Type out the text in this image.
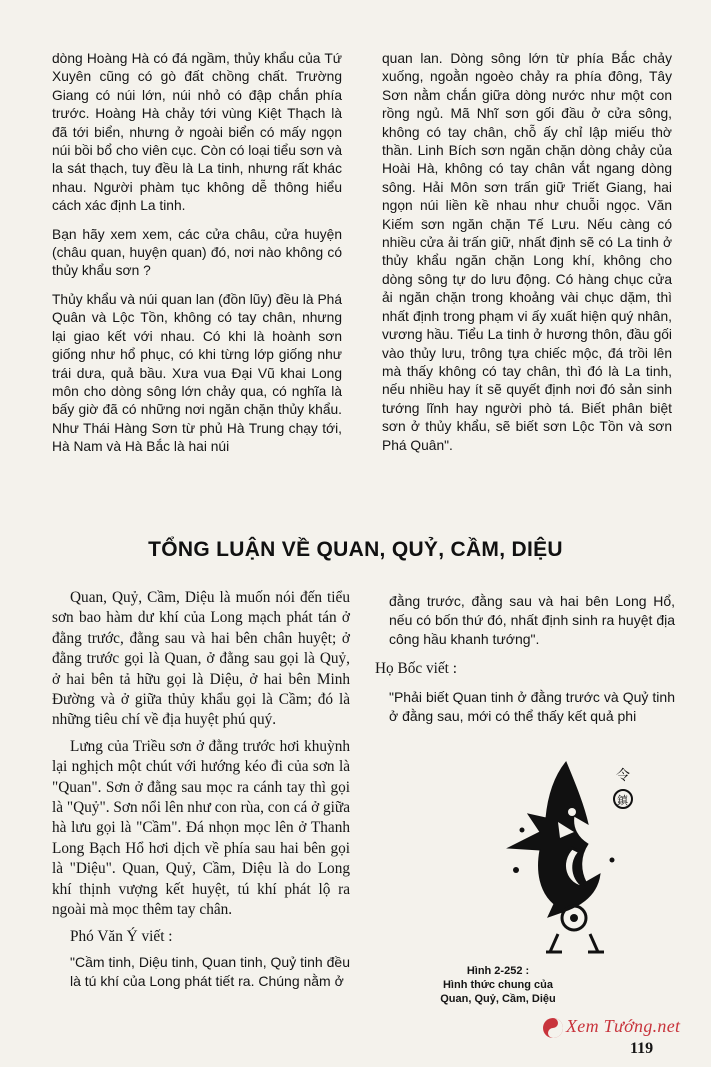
dòng Hoàng Hà có đá ngầm, thủy khẩu của Tứ Xuyên cũng có gò đất chồng chất. Trường Giang có núi lớn, núi nhỏ có đập chắn phía trước. Hoàng Hà chảy tới vùng Kiệt Thạch là đã tới biển, nhưng ở ngoài biển có mấy ngọn núi bồi bổ cho viên cục. Còn có loại tiểu sơn và la sát thạch, tuy đều là La tinh, nhưng rất khác nhau. Người phàm tục không dễ thông hiểu cách xác định La tinh.

Bạn hãy xem xem, các cửa châu, cửa huyện (châu quan, huyện quan) đó, nơi nào không có thủy khẩu sơn ?

Thủy khẩu và núi quan lan (đồn lũy) đều là Phá Quân và Lộc Tồn, không có tay chân, nhưng lại giao kết với nhau. Có khi là hoành sơn giống như hổ phục, có khi từng lớp giống như trái dưa, quả bầu. Xưa vua Đại Vũ khai Long môn cho dòng sông lớn chảy qua, có nghĩa là bấy giờ đã có những nơi ngăn chặn thủy khẩu. Như Thái Hàng Sơn từ phủ Hà Trung chạy tới, Hà Nam và Hà Bắc là hai núi

quan lan. Dòng sông lớn từ phía Bắc chảy xuống, ngoằn ngoèo chảy ra phía đông, Tây Sơn nằm chắn giữa dòng nước như một con rồng ngủ. Mã Nhĩ sơn gối đầu ở cửa sông, không có tay chân, chỗ ấy chỉ lập miếu thờ thần. Linh Bích sơn ngăn chặn dòng chảy của Hoài Hà, không có tay chân vắt ngang dòng sông. Hải Môn sơn trấn giữ Triết Giang, hai ngọn núi liền kề nhau như chuỗi ngọc. Văn Kiếm sơn ngăn chặn Tế Lưu. Nếu càng có nhiều cửa ải trấn giữ, nhất định sẽ có La tinh ở thủy khẩu ngăn chặn Long khí, không cho dòng sông tự do lưu động. Có hàng chục cửa ải ngăn chặn trong khoảng vài chục dặm, thì nhất định trong phạm vi ấy xuất hiện quý nhân, vương hầu. Tiểu La tinh ở hương thôn, đầu gối vào thủy lưu, trông tựa chiếc mộc, đá trồi lên mà thấy không có tay chân, thì đó là La tinh, nếu nhiều hay ít sẽ quyết định nơi đó sản sinh tướng lĩnh hay người phò tá. Biết phân biệt sơn ở thủy khẩu, sẽ biết sơn Lộc Tồn và sơn Phá Quân".

TỔNG LUẬN VỀ QUAN, QUỶ, CẦM, DIỆU

Quan, Quỷ, Cầm, Diệu là muốn nói đến tiểu sơn bao hàm dư khí của Long mạch phát tán ở đằng trước, đằng sau và hai bên chân huyệt; ở đằng trước gọi là Quan, ở đằng sau gọi là Quỷ, ở hai bên tả hữu gọi là Diệu, ở hai bên Minh Đường và ở giữa thủy khẩu gọi là Cầm; đó là những tiêu chí về địa huyệt phú quý.

Lưng của Triều sơn ở đằng trước hơi khuỳnh lại nghịch một chút với hướng kéo đi của sơn là "Quan". Sơn ở đằng sau mọc ra cánh tay thì gọi là "Quỷ". Sơn nổi lên như con rùa, con cá ở giữa hà lưu gọi là "Cầm". Đá nhọn mọc lên ở Thanh Long Bạch Hổ hơi dịch về phía sau hai bên gọi là "Diệu". Quan, Quỷ, Cầm, Diệu là do Long khí thịnh vượng kết huyệt, tú khí phát lộ ra ngoài mà mọc thêm tay chân.

Phó Văn Ý viết :

"Cầm tinh, Diệu tinh, Quan tinh, Quỷ tinh đều là tú khí của Long phát tiết ra. Chúng nằm ở

đằng trước, đằng sau và hai bên Long Hổ, nếu có bốn thứ đó, nhất định sinh ra huyệt địa công hầu khanh tướng".

Họ Bốc viết :

"Phải biết Quan tinh ở đằng trước và Quỷ tinh ở đằng sau, mới có thể thấy kết quả phi

令
鎮
Hình 2-252 :
Hình thức chung của
Quan, Quỷ, Cầm, Diệu
Xem Tướng.net
119
